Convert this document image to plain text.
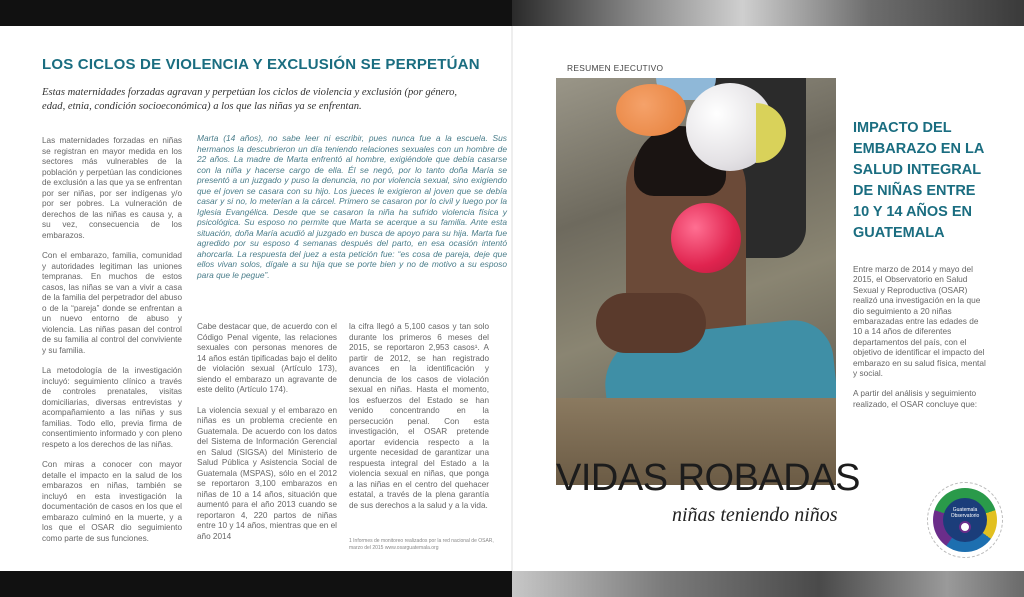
LOS CICLOS DE VIOLENCIA Y EXCLUSIÓN SE PERPETÚAN

Estas maternidades forzadas agravan y perpetúan los ciclos de violencia y exclusión (por género, edad, etnia, condición socioeconómica) a los que las niñas ya se enfrentan.

Las maternidades forzadas en niñas se registran en mayor medida en los sectores más vulnerables de la población y perpetúan las condiciones de exclusión a las que ya se enfrentan por ser niñas, por ser indígenas y/o por ser pobres. La vulneración de derechos de las niñas es causa y, a su vez, consecuencia de los embarazos.

Con el embarazo, familia, comunidad y autoridades legitiman las uniones tempranas. En muchos de estos casos, las niñas se van a vivir a casa de la familia del perpetrador del abuso o de la “pareja” donde se enfrentan a un nuevo entorno de abuso y violencia. Las niñas pasan del control de su familia al control del conviviente y su familia.

La metodología de la investigación incluyó: seguimiento clínico a través de controles prenatales, visitas domiciliarias, diversas entrevistas y acompañamiento a las niñas y sus familias. Todo ello, previa firma de consentimiento informado y con pleno respeto a los derechos de las niñas.

Con miras a conocer con mayor detalle el impacto en la salud de los embarazos en niñas, también se incluyó en esta investigación la documentación de casos en los que el embarazo culminó en la muerte, y a los que el OSAR dio seguimiento como parte de sus funciones.

Marta (14 años), no sabe leer ni escribir, pues nunca fue a la escuela. Sus hermanos la descubrieron un día teniendo relaciones sexuales con un hombre de 22 años. La madre de Marta enfrentó al hombre, exigiéndole que debía casarse con la niña y hacerse cargo de ella. Él se negó, por lo tanto doña María se presentó a un juzgado y puso la denuncia, no por violencia sexual, sino exigiendo que el joven se casara con su hijo. Los jueces le exigieron al joven que se debía casar y si no, lo meterían a la cárcel. Primero se casaron por lo civil y luego por la Iglesia Evangélica. Desde que se casaron la niña ha sufrido violencia física y psicológica. Su esposo no permite que Marta se acerque a su familia. Ante esta situación, doña María acudió al juzgado en busca de apoyo para su hija. Marta fue agredido por su esposo 4 semanas después del parto, en esa ocasión intentó ahorcarla. La respuesta del juez a esta petición fue: “es cosa de pareja, deje que ellos vivan solos, dígale a su hija que se porte bien y no de motivo a su esposo para que le pegue”.

Cabe destacar que, de acuerdo con el Código Penal vigente, las relaciones sexuales con personas menores de 14 años están tipificadas bajo el delito de violación sexual (Artículo 173), siendo el embarazo un agravante de este delito (Artículo 174).

La violencia sexual y el embarazo en niñas es un problema creciente en Guatemala. De acuerdo con los datos del Sistema de Información Gerencial en Salud (SIGSA) del Ministerio de Salud Pública y Asistencia Social de Guatemala (MSPAS), sólo en el 2012 se reportaron 3,100 embarazos en niñas de 10 a 14 años, situación que aumentó para el año 2013 cuando se reportaron 4, 220 partos de niñas entre 10 y 14 años, mientras que en el año 2014

la cifra llegó a 5,100 casos y tan solo durante los primeros 6 meses del 2015, se reportaron 2,953 casos¹. A partir de 2012, se han registrado avances en la identificación y denuncia de los casos de violación sexual en niñas. Hasta el momento, los esfuerzos del Estado se han venido concentrando en la persecución penal. Con esta investigación, el OSAR pretende aportar evidencia respecto a la urgente necesidad de garantizar una respuesta integral del Estado a la violencia sexual en niñas, que ponga a las niñas en el centro del quehacer estatal, a través de la plena garantía de sus derechos a la salud y a la vida.

1 Informes de monitoreo realizados por la red nacional de OSAR, marzo del 2015 www.osarguatemala.org

RESUMEN EJECUTIVO
VIDAS ROBADAS
niñas teniendo niños
IMPACTO DEL EMBARAZO EN LA SALUD INTEGRAL DE NIÑAS ENTRE 10 Y 14 AÑOS EN GUATEMALA

Entre marzo de 2014 y mayo del 2015, el Observatorio en Salud Sexual y Reproductiva (OSAR) realizó una investigación en la que dio seguimiento a 20 niñas embarazadas entre las edades de 10 a 14 años de diferentes departamentos del país, con el objetivo de identificar el impacto del embarazo en su salud física, mental y social.

A partir del análisis y seguimiento realizado, el OSAR concluye que:

Guatemala Observatorio
